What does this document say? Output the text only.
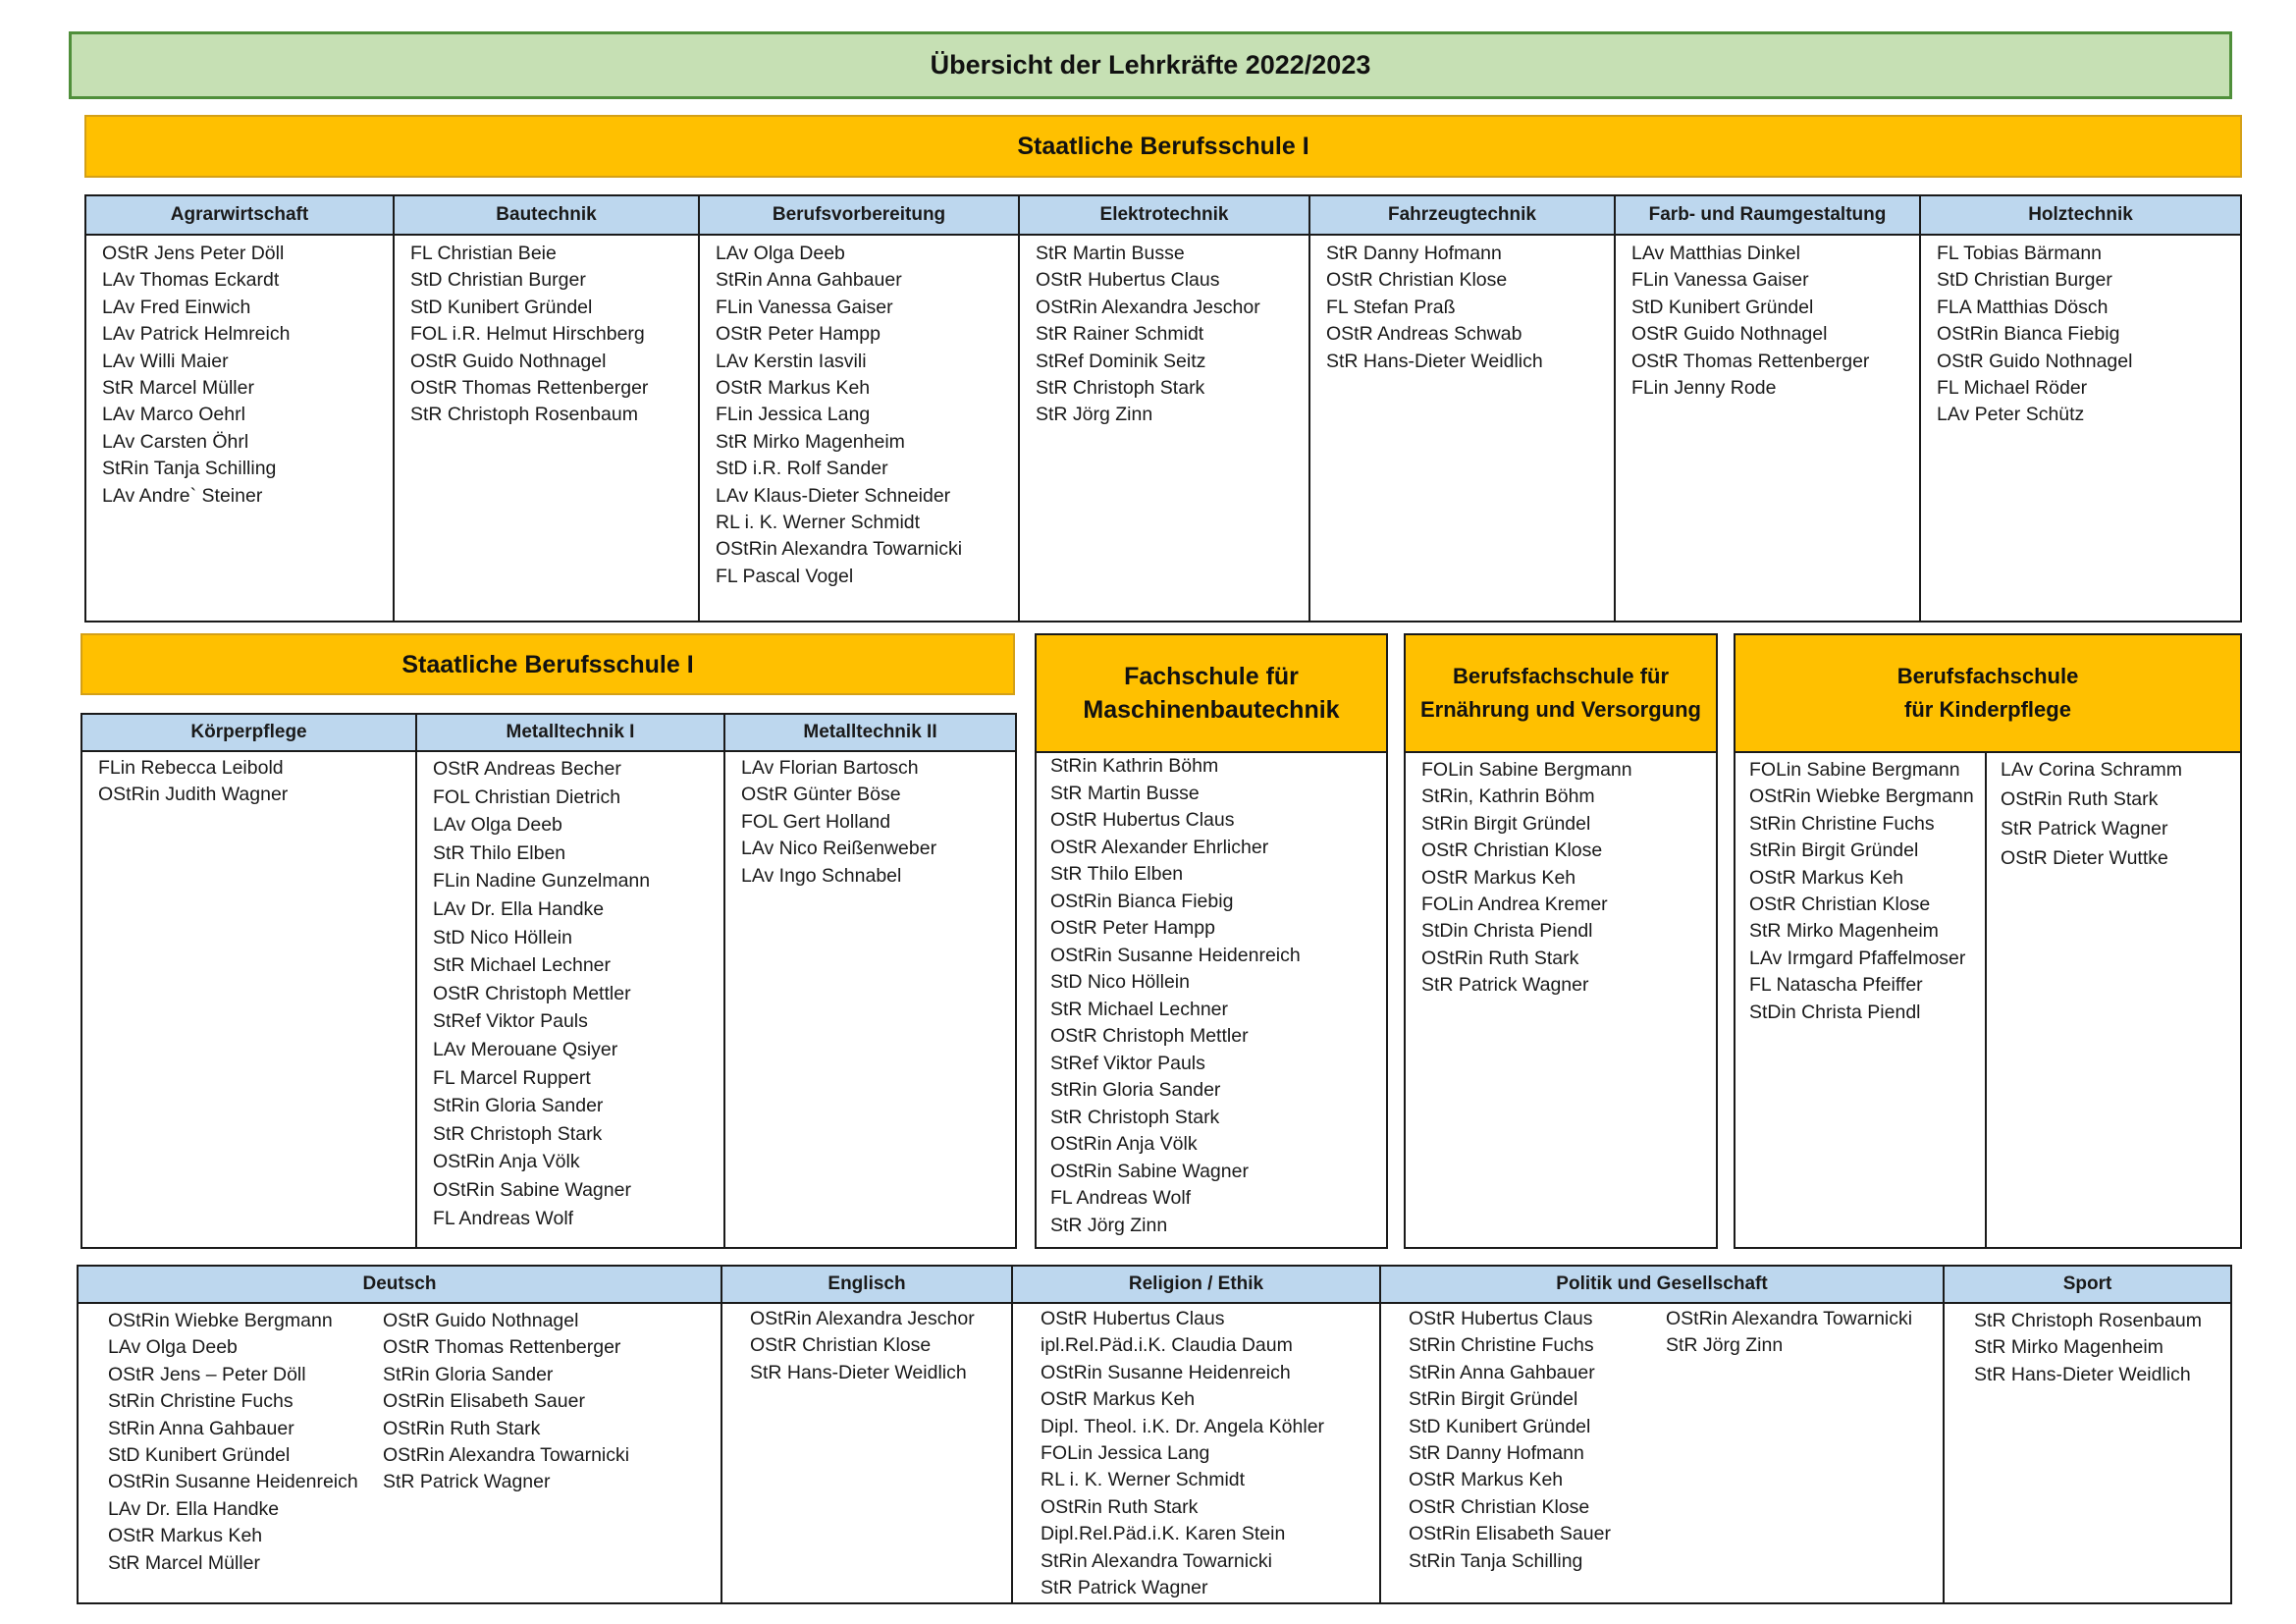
Übersicht der Lehrkräfte 2022/2023
Staatliche Berufsschule I
Agrarwirtschaft
OStR Jens Peter Döll
LAv Thomas Eckardt
LAv Fred Einwich
LAv Patrick Helmreich
LAv Willi Maier
StR Marcel Müller
LAv Marco Oehrl
LAv Carsten Öhrl
StRin Tanja Schilling
LAv Andre` Steiner
Bautechnik
FL Christian Beie
StD Christian Burger
StD Kunibert Gründel
FOL i.R. Helmut Hirschberg
OStR Guido Nothnagel
OStR Thomas Rettenberger
StR Christoph Rosenbaum
Berufsvorbereitung
LAv Olga Deeb
StRin Anna Gahbauer
FLin Vanessa Gaiser
OStR Peter Hampp
LAv Kerstin Iasvili
OStR Markus Keh
FLin Jessica Lang
StR Mirko Magenheim
StD i.R. Rolf Sander
LAv Klaus-Dieter Schneider
RL i. K. Werner Schmidt
OStRin Alexandra Towarnicki
FL Pascal Vogel
Elektrotechnik
StR Martin Busse
OStR Hubertus Claus
OStRin Alexandra Jeschor
StR Rainer Schmidt
StRef Dominik Seitz
StR Christoph Stark
StR Jörg Zinn
Fahrzeugtechnik
StR Danny Hofmann
OStR Christian Klose
FL Stefan Praß
OStR Andreas Schwab
StR Hans-Dieter Weidlich
Farb- und Raumgestaltung
LAv Matthias Dinkel
FLin Vanessa Gaiser
StD Kunibert Gründel
OStR Guido Nothnagel
OStR Thomas Rettenberger
FLin Jenny Rode
Holztechnik
FL Tobias Bärmann
StD Christian Burger
FLA Matthias Dösch
OStRin Bianca Fiebig
OStR Guido Nothnagel
FL Michael Röder
LAv Peter Schütz
Staatliche Berufsschule I
Körperpflege
FLin Rebecca Leibold
OStRin Judith Wagner
Metalltechnik I
OStR Andreas Becher
FOL Christian Dietrich
LAv Olga Deeb
StR Thilo Elben
FLin Nadine Gunzelmann
LAv Dr. Ella Handke
StD Nico Höllein
StR Michael Lechner
OStR Christoph Mettler
StRef Viktor Pauls
LAv Merouane Qsiyer
FL Marcel Ruppert
StRin Gloria Sander
StR Christoph Stark
OStRin Anja Völk
OStRin Sabine Wagner
FL Andreas Wolf
Metalltechnik II
LAv Florian Bartosch
OStR Günter Böse
FOL Gert Holland
LAv Nico Reißenweber
LAv Ingo Schnabel
Fachschule für
Maschinenbautechnik
StRin Kathrin Böhm
StR Martin Busse
OStR Hubertus Claus
OStR Alexander Ehrlicher
StR Thilo Elben
OStRin Bianca Fiebig
OStR Peter Hampp
OStRin Susanne Heidenreich
StD Nico Höllein
StR Michael Lechner
OStR Christoph Mettler
StRef Viktor Pauls
StRin Gloria Sander
StR Christoph Stark
OStRin Anja Völk
OStRin Sabine Wagner
FL Andreas Wolf
StR Jörg Zinn
Berufsfachschule für
Ernährung und Versorgung
FOLin Sabine Bergmann
StRin, Kathrin Böhm
StRin Birgit Gründel
OStR Christian Klose
OStR Markus Keh
FOLin Andrea Kremer
StDin Christa Piendl
OStRin Ruth Stark
StR Patrick Wagner
Berufsfachschule
für Kinderpflege
FOLin Sabine Bergmann
OStRin Wiebke Bergmann
StRin Christine Fuchs
StRin Birgit Gründel
OStR Markus Keh
OStR Christian Klose
StR Mirko Magenheim
LAv Irmgard Pfaffelmoser
FL Natascha Pfeiffer
StDin Christa Piendl
LAv Corina Schramm
OStRin Ruth Stark
StR Patrick Wagner
OStR Dieter Wuttke
Deutsch
OStRin Wiebke Bergmann
LAv Olga Deeb
OStR Jens – Peter Döll
StRin Christine Fuchs
StRin Anna Gahbauer
StD Kunibert Gründel
OStRin Susanne Heidenreich
LAv Dr. Ella Handke
OStR Markus Keh
StR Marcel Müller
OStR Guido Nothnagel
OStR Thomas Rettenberger
StRin Gloria Sander
OStRin Elisabeth Sauer
OStRin Ruth Stark
OStRin Alexandra Towarnicki
StR Patrick Wagner
Englisch
OStRin Alexandra Jeschor
OStR Christian Klose
StR Hans-Dieter Weidlich
Religion / Ethik
OStR Hubertus Claus
ipl.Rel.Päd.i.K. Claudia Daum
OStRin Susanne Heidenreich
OStR Markus Keh
Dipl. Theol. i.K. Dr. Angela Köhler
FOLin Jessica Lang
RL i. K. Werner Schmidt
OStRin Ruth Stark
Dipl.Rel.Päd.i.K. Karen Stein
StRin Alexandra Towarnicki
StR Patrick Wagner
Politik und Gesellschaft
OStR Hubertus Claus
StRin Christine Fuchs
StRin Anna Gahbauer
StRin Birgit Gründel
StD Kunibert Gründel
StR Danny Hofmann
OStR Markus Keh
OStR Christian Klose
OStRin Elisabeth Sauer
StRin Tanja Schilling
OStRin Alexandra Towarnicki
StR Jörg Zinn
Sport
StR Christoph Rosenbaum
StR Mirko Magenheim
StR Hans-Dieter Weidlich
